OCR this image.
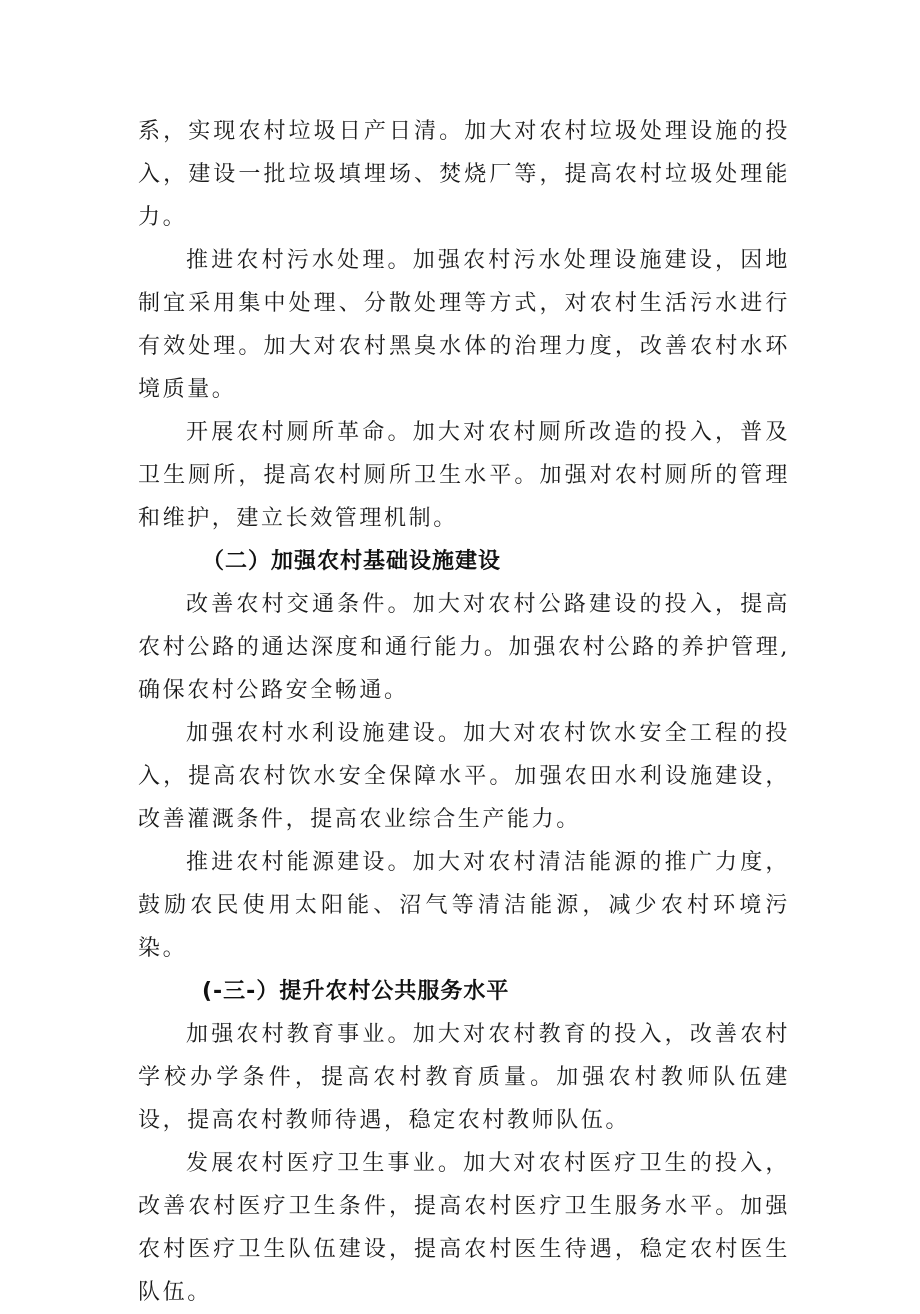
系，实现农村垃圾日产日清。加大对农村垃圾处理设施的投入，建设一批垃圾填埋场、焚烧厂等，提高农村垃圾处理能力。

推进农村污水处理。加强农村污水处理设施建设，因地制宜采用集中处理、分散处理等方式，对农村生活污水进行有效处理。加大对农村黑臭水体的治理力度，改善农村水环境质量。

开展农村厕所革命。加大对农村厕所改造的投入，普及卫生厕所，提高农村厕所卫生水平。加强对农村厕所的管理和维护，建立长效管理机制。

（二）加强农村基础设施建设

改善农村交通条件。加大对农村公路建设的投入，提高农村公路的通达深度和通行能力。加强农村公路的养护管理,确保农村公路安全畅通。

加强农村水利设施建设。加大对农村饮水安全工程的投入，提高农村饮水安全保障水平。加强农田水利设施建设，改善灌溉条件，提高农业综合生产能力。

推进农村能源建设。加大对农村清洁能源的推广力度，鼓励农民使用太阳能、沼气等清洁能源，减少农村环境污染。

(-三-）提升农村公共服务水平

加强农村教育事业。加大对农村教育的投入，改善农村学校办学条件，提高农村教育质量。加强农村教师队伍建设，提高农村教师待遇，稳定农村教师队伍。

发展农村医疗卫生事业。加大对农村医疗卫生的投入，改善农村医疗卫生条件，提高农村医疗卫生服务水平。加强农村医疗卫生队伍建设，提高农村医生待遇，稳定农村医生队伍。
